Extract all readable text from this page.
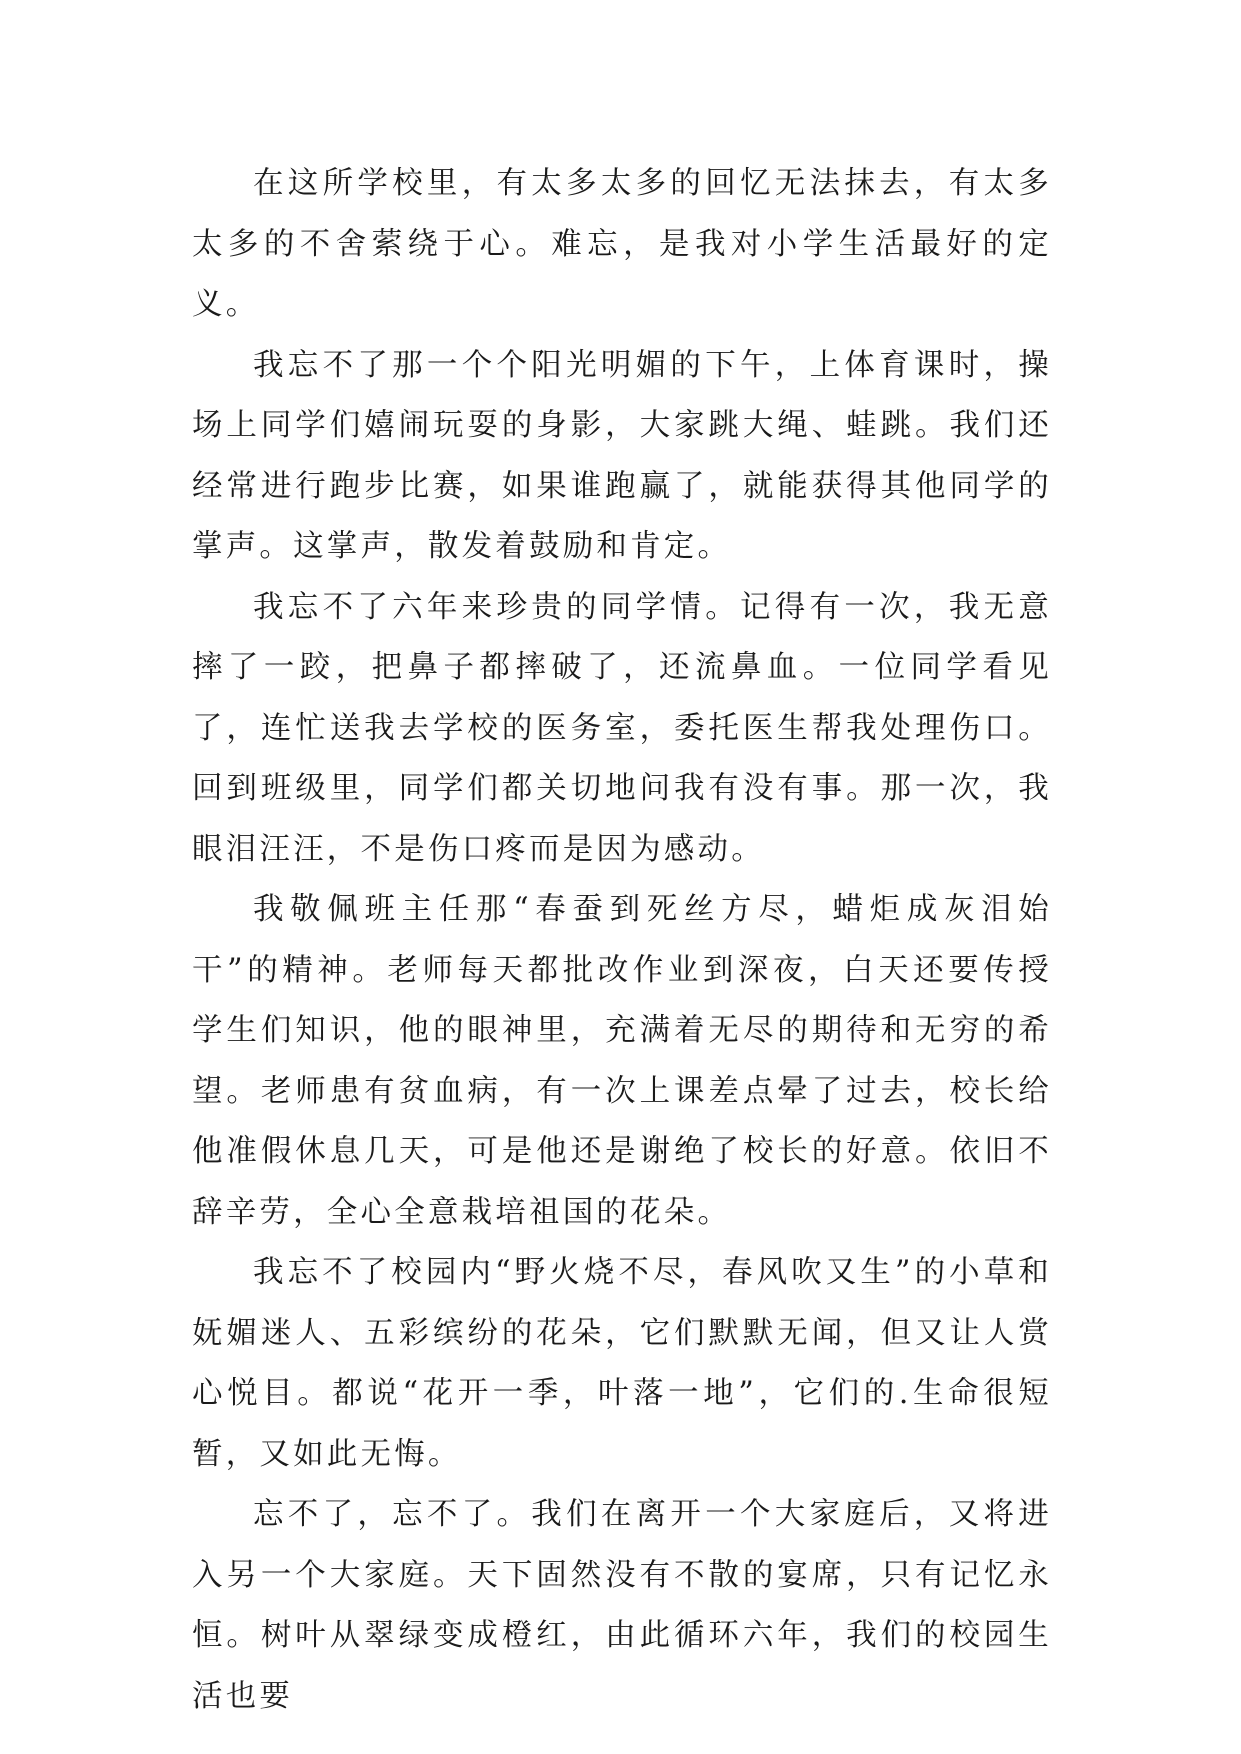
在这所学校里，有太多太多的回忆无法抹去，有太多太多的不舍萦绕于心。难忘，是我对小学生活最好的定义。

我忘不了那一个个阳光明媚的下午，上体育课时，操场上同学们嬉闹玩耍的身影，大家跳大绳、蛙跳。我们还经常进行跑步比赛，如果谁跑赢了，就能获得其他同学的掌声。这掌声，散发着鼓励和肯定。

我忘不了六年来珍贵的同学情。记得有一次，我无意摔了一跤，把鼻子都摔破了，还流鼻血。一位同学看见了，连忙送我去学校的医务室，委托医生帮我处理伤口。回到班级里，同学们都关切地问我有没有事。那一次，我眼泪汪汪，不是伤口疼而是因为感动。

我敬佩班主任那“春蚕到死丝方尽，蜡炬成灰泪始干”的精神。老师每天都批改作业到深夜，白天还要传授学生们知识，他的眼神里，充满着无尽的期待和无穷的希望。老师患有贫血病，有一次上课差点晕了过去，校长给他准假休息几天，可是他还是谢绝了校长的好意。依旧不辞辛劳，全心全意栽培祖国的花朵。

我忘不了校园内“野火烧不尽，春风吹又生”的小草和妩媚迷人、五彩缤纷的花朵，它们默默无闻，但又让人赏心悦目。都说“花开一季，叶落一地”，它们的.生命很短暂，又如此无悔。

忘不了，忘不了。我们在离开一个大家庭后，又将进入另一个大家庭。天下固然没有不散的宴席，只有记忆永恒。树叶从翠绿变成橙红，由此循环六年，我们的校园生活也要
